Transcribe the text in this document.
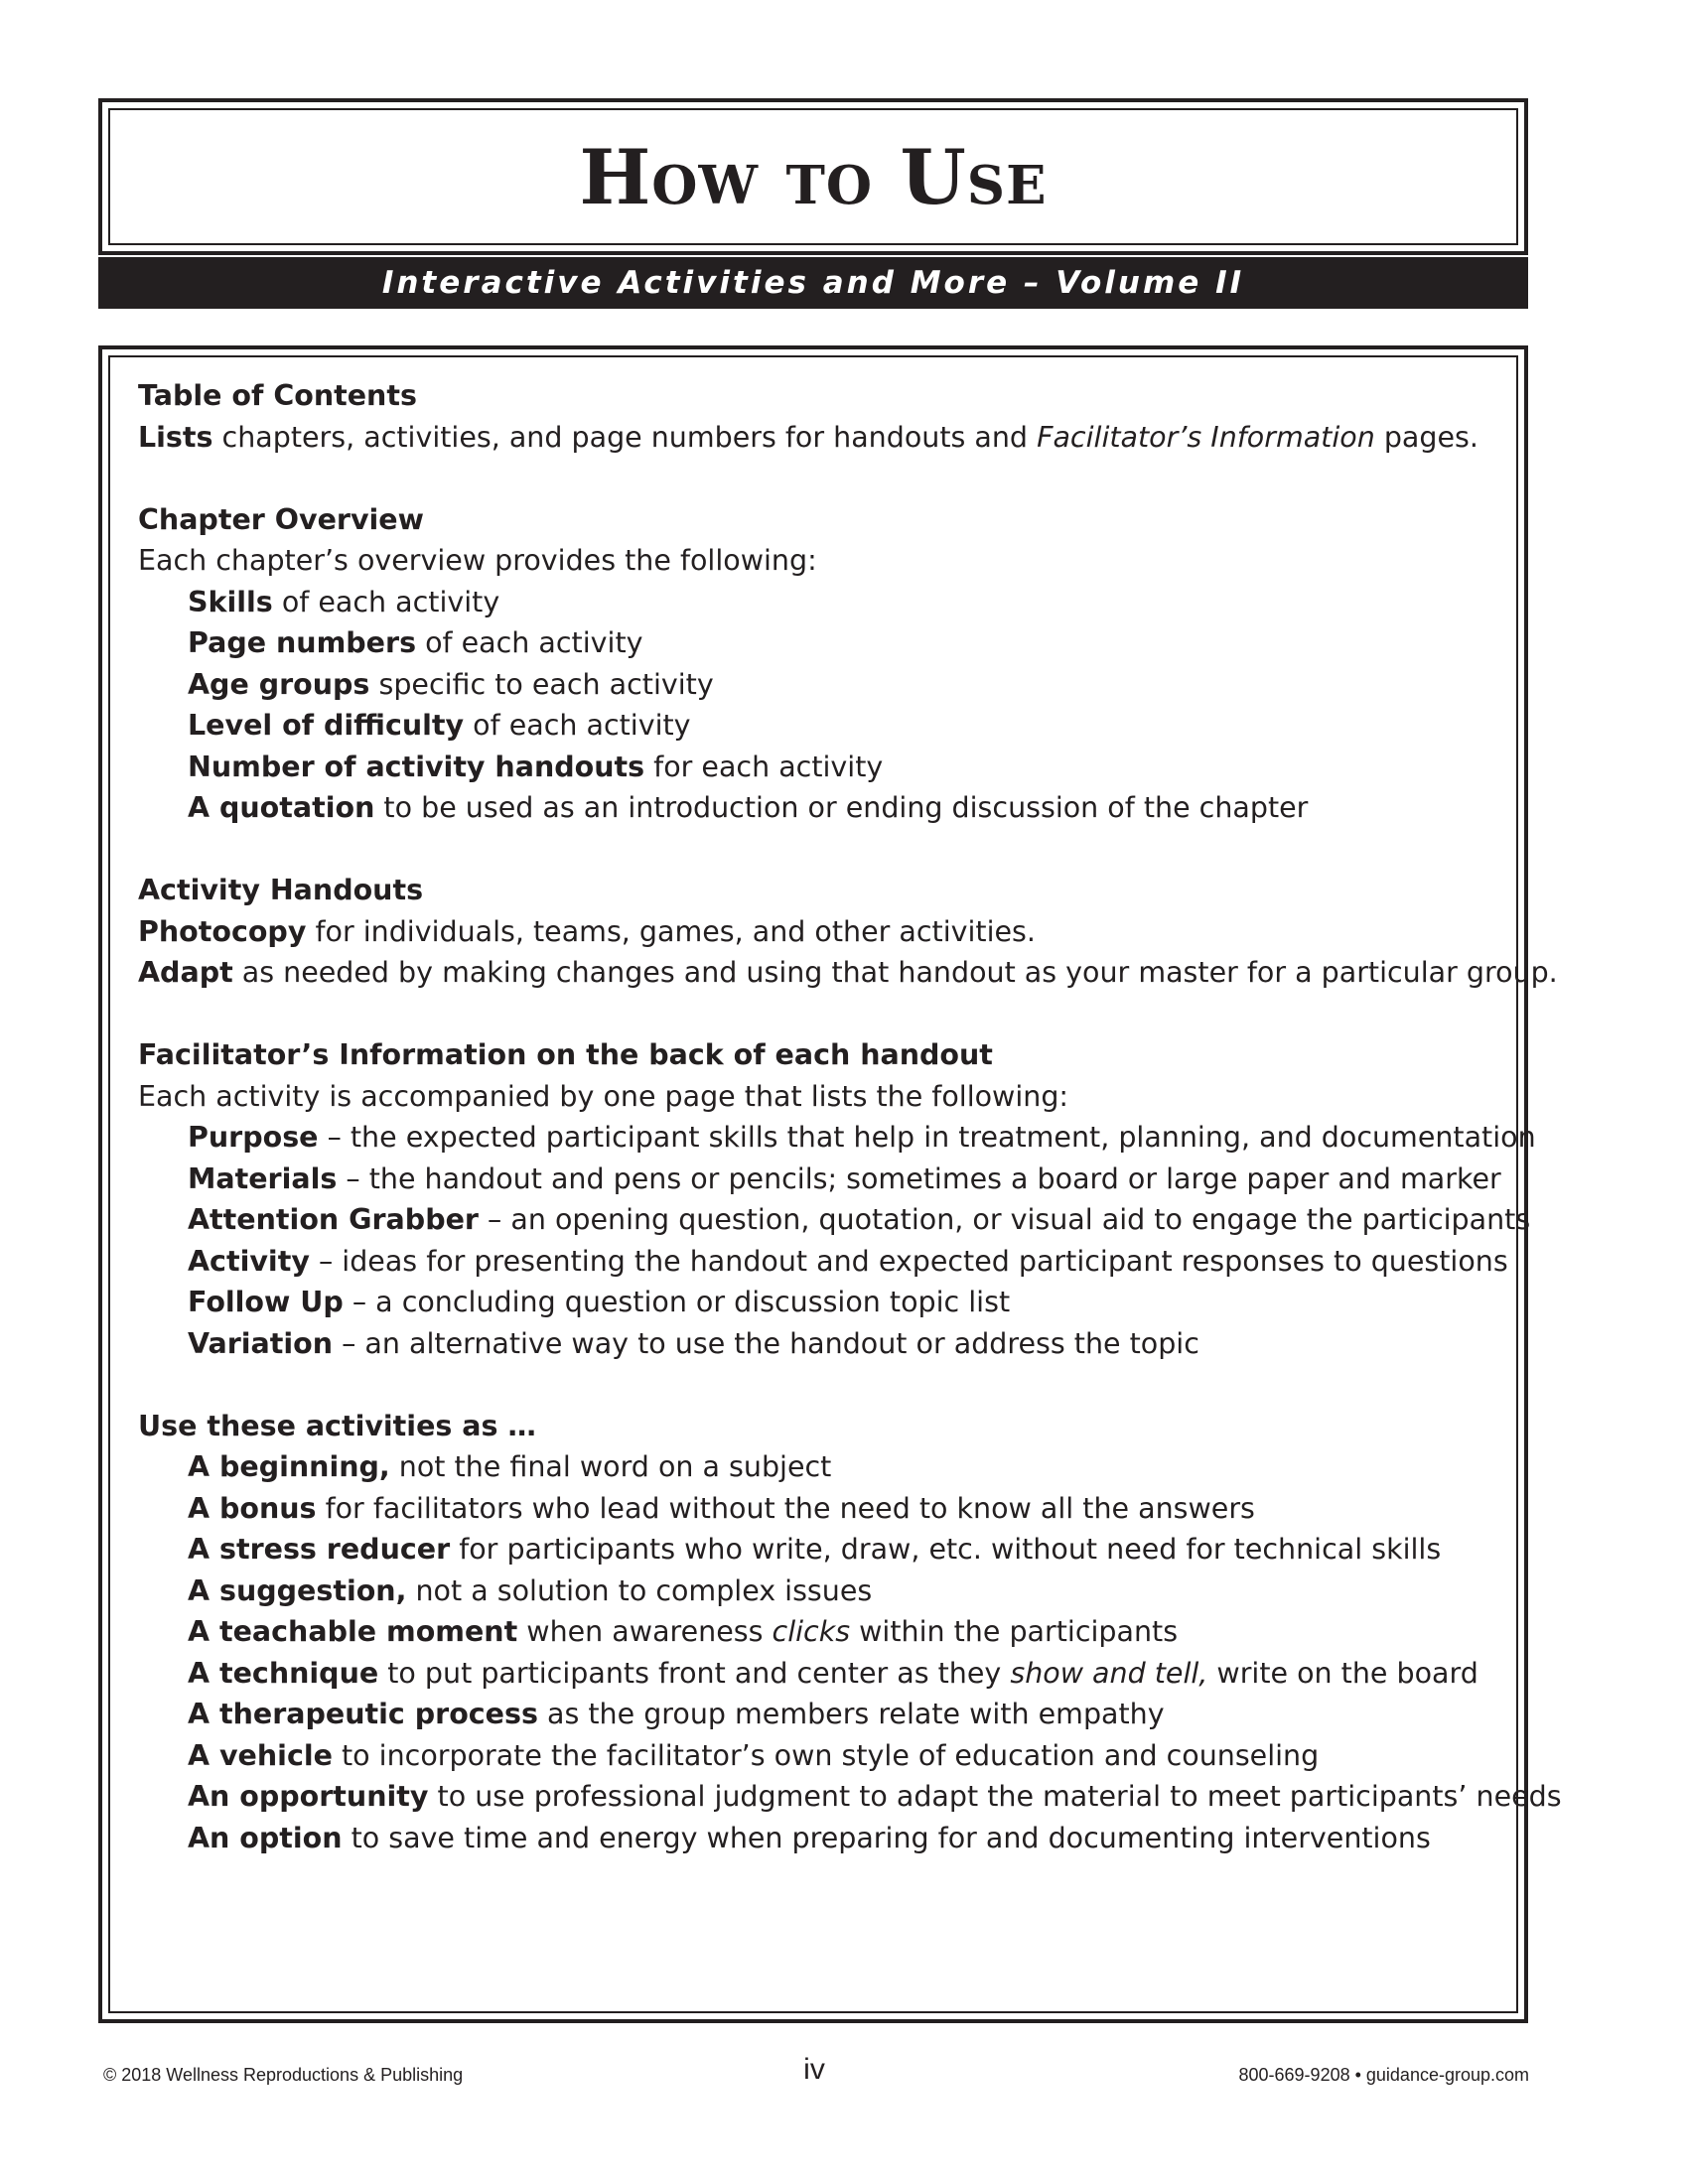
How to Use
Interactive Activities and More – Volume II
Table of Contents
Lists chapters, activities, and page numbers for handouts and Facilitator’s Information pages.
Chapter Overview
Each chapter’s overview provides the following:
Skills of each activity
Page numbers of each activity
Age groups specific to each activity
Level of difficulty of each activity
Number of activity handouts for each activity
A quotation to be used as an introduction or ending discussion of the chapter
Activity Handouts
Photocopy for individuals, teams, games, and other activities.
Adapt as needed by making changes and using that handout as your master for a particular group.
Facilitator’s Information on the back of each handout
Each activity is accompanied by one page that lists the following:
Purpose – the expected participant skills that help in treatment, planning, and documentation
Materials – the handout and pens or pencils; sometimes a board or large paper and marker
Attention Grabber – an opening question, quotation, or visual aid to engage the participants
Activity – ideas for presenting the handout and expected participant responses to questions
Follow Up – a concluding question or discussion topic list
Variation – an alternative way to use the handout or address the topic
Use these activities as …
A beginning, not the final word on a subject
A bonus for facilitators who lead without the need to know all the answers
A stress reducer for participants who write, draw, etc. without need for technical skills
A suggestion, not a solution to complex issues
A teachable moment when awareness clicks within the participants
A technique to put participants front and center as they show and tell, write on the board
A therapeutic process as the group members relate with empathy
A vehicle to incorporate the facilitator’s own style of education and counseling
An opportunity to use professional judgment to adapt the material to meet participants’ needs
An option to save time and energy when preparing for and documenting interventions
© 2018 Wellness Reproductions & Publishing	iv	800-669-9208 • guidance-group.com
